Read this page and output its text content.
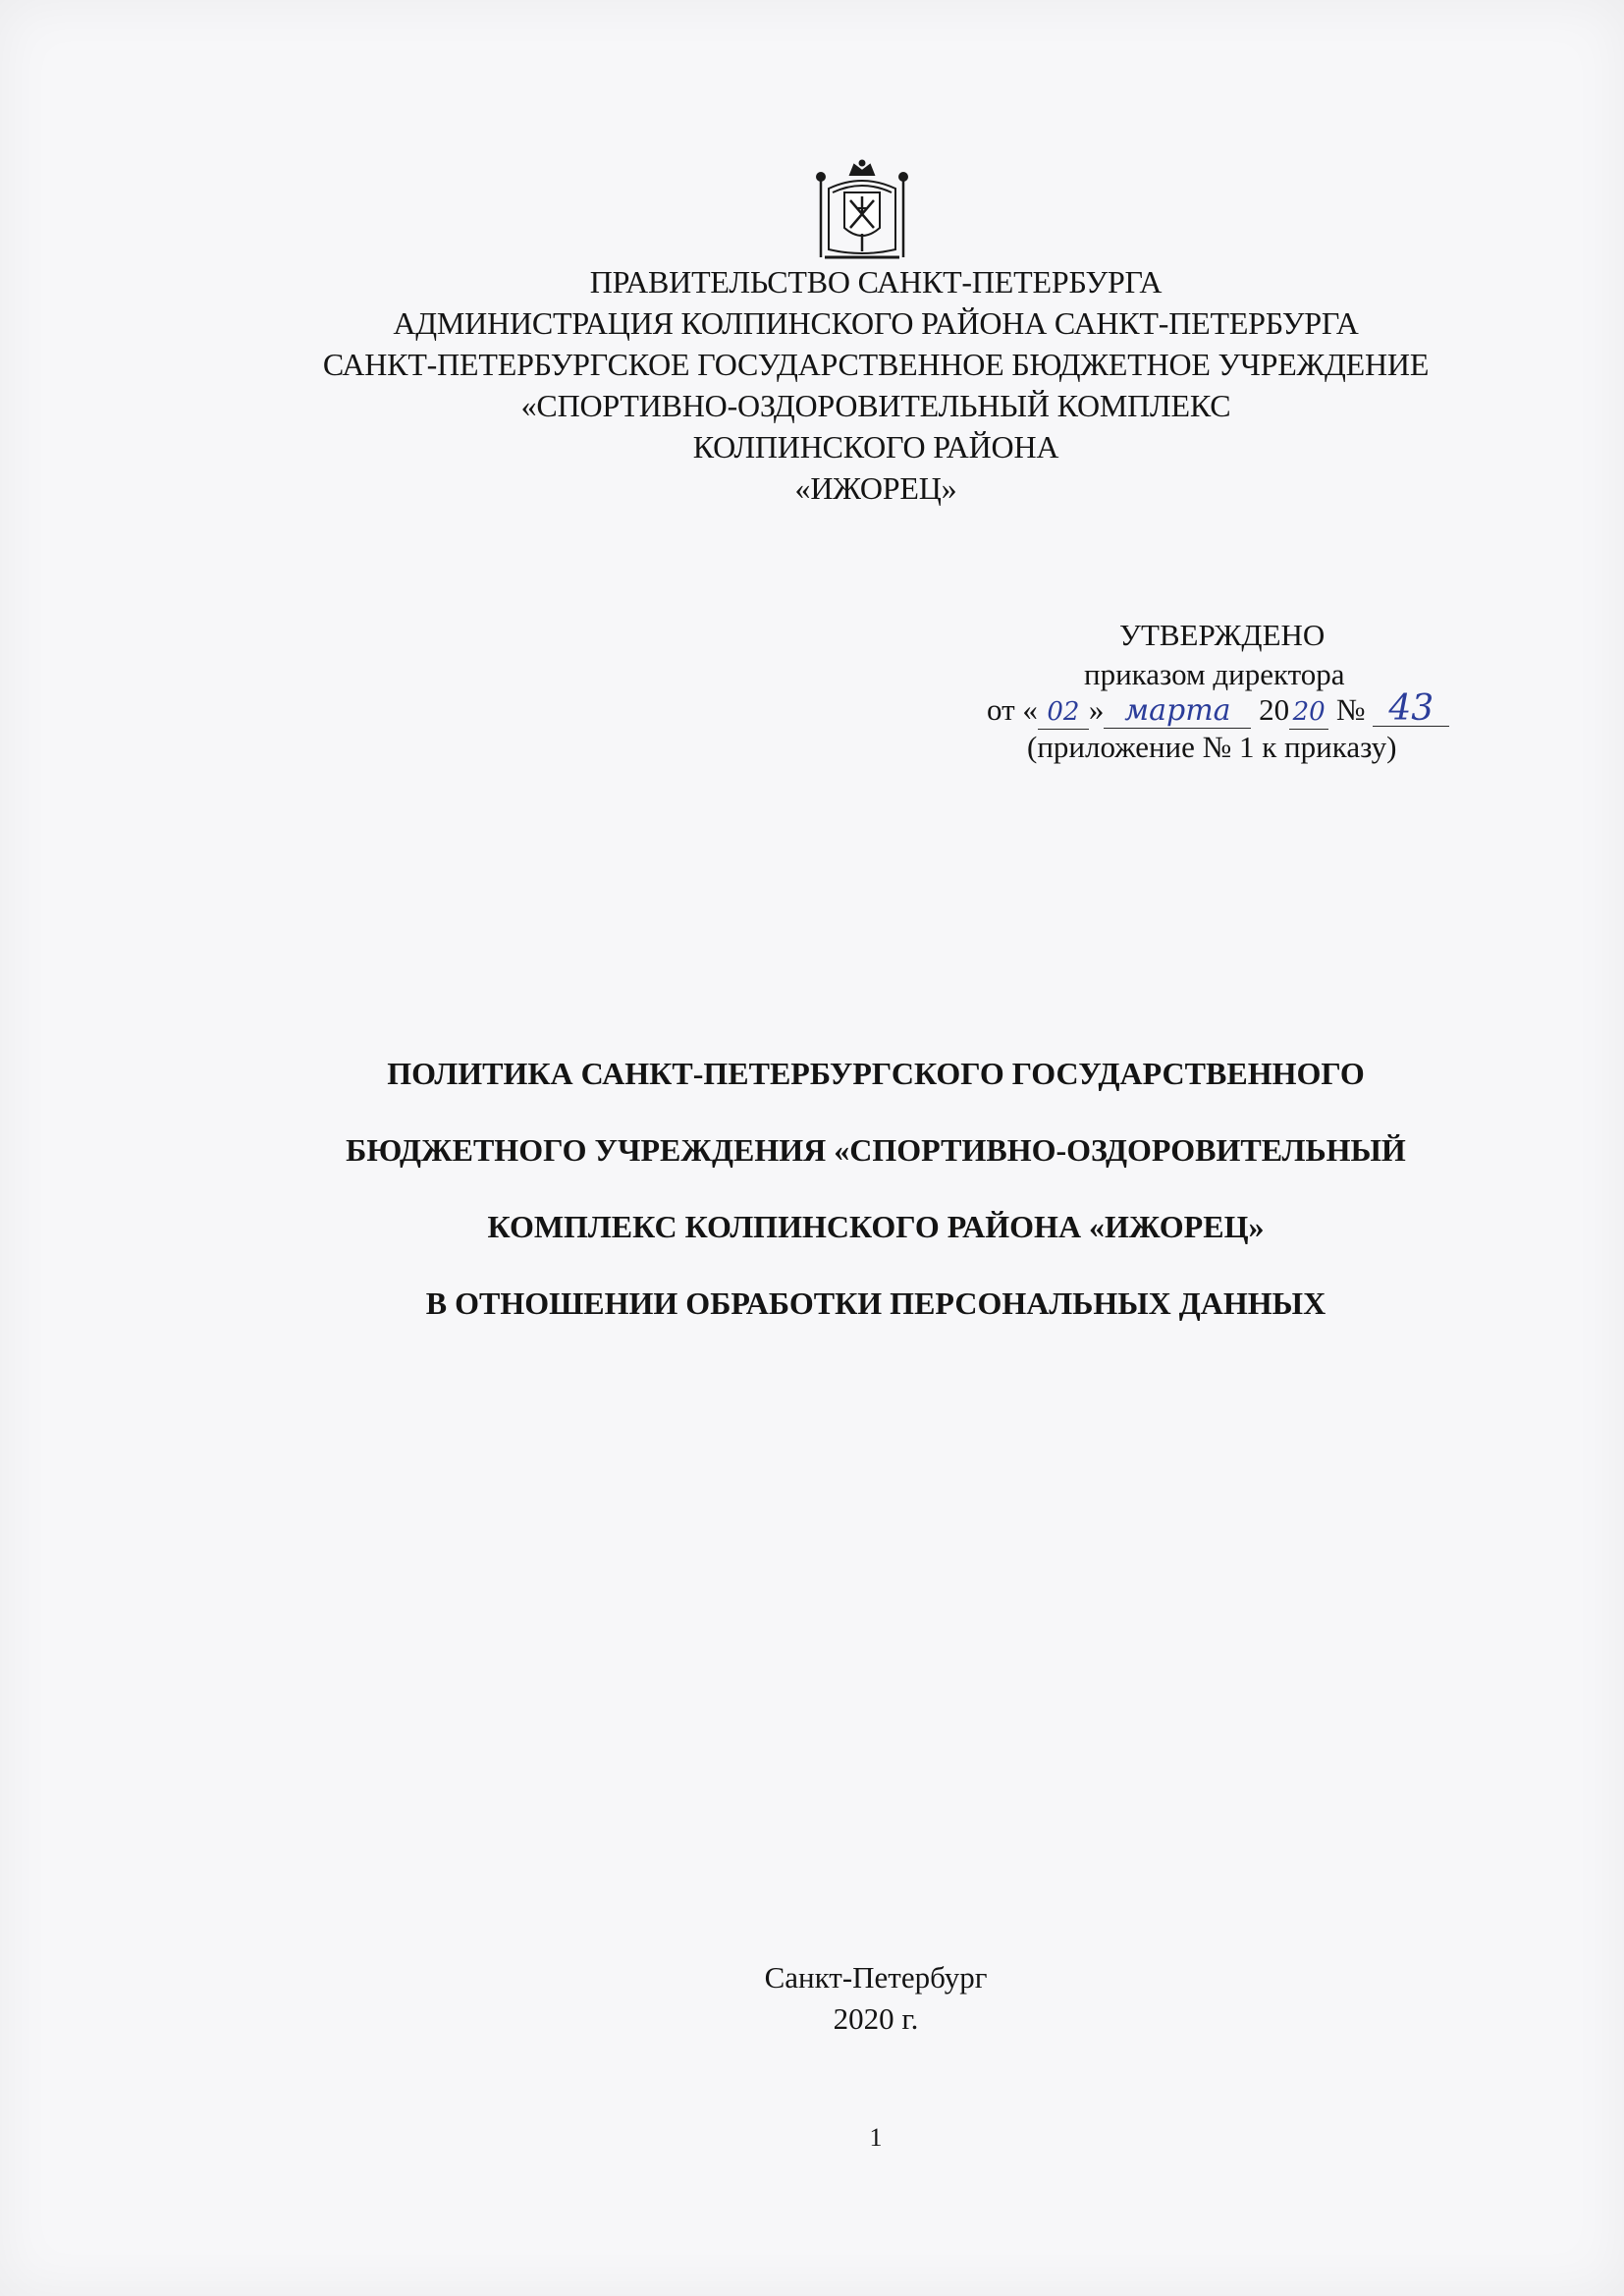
ПРАВИТЕЛЬСТВО САНКТ-ПЕТЕРБУРГА
АДМИНИСТРАЦИЯ КОЛПИНСКОГО РАЙОНА САНКТ-ПЕТЕРБУРГА
САНКТ-ПЕТЕРБУРГСКОЕ ГОСУДАРСТВЕННОЕ БЮДЖЕТНОЕ УЧРЕЖДЕНИЕ
«СПОРТИВНО-ОЗДОРОВИТЕЛЬНЫЙ КОМПЛЕКС
КОЛПИНСКОГО РАЙОНА
«ИЖОРЕЦ»
УТВЕРЖДЕНО
приказом директора
от « 02 » марта 20 20 № 43
(приложение № 1 к приказу)
ПОЛИТИКА САНКТ-ПЕТЕРБУРГСКОГО ГОСУДАРСТВЕННОГО
БЮДЖЕТНОГО УЧРЕЖДЕНИЯ «СПОРТИВНО-ОЗДОРОВИТЕЛЬНЫЙ
КОМПЛЕКС КОЛПИНСКОГО РАЙОНА «ИЖОРЕЦ»
В ОТНОШЕНИИ ОБРАБОТКИ ПЕРСОНАЛЬНЫХ ДАННЫХ
Санкт-Петербург
2020 г.
1
